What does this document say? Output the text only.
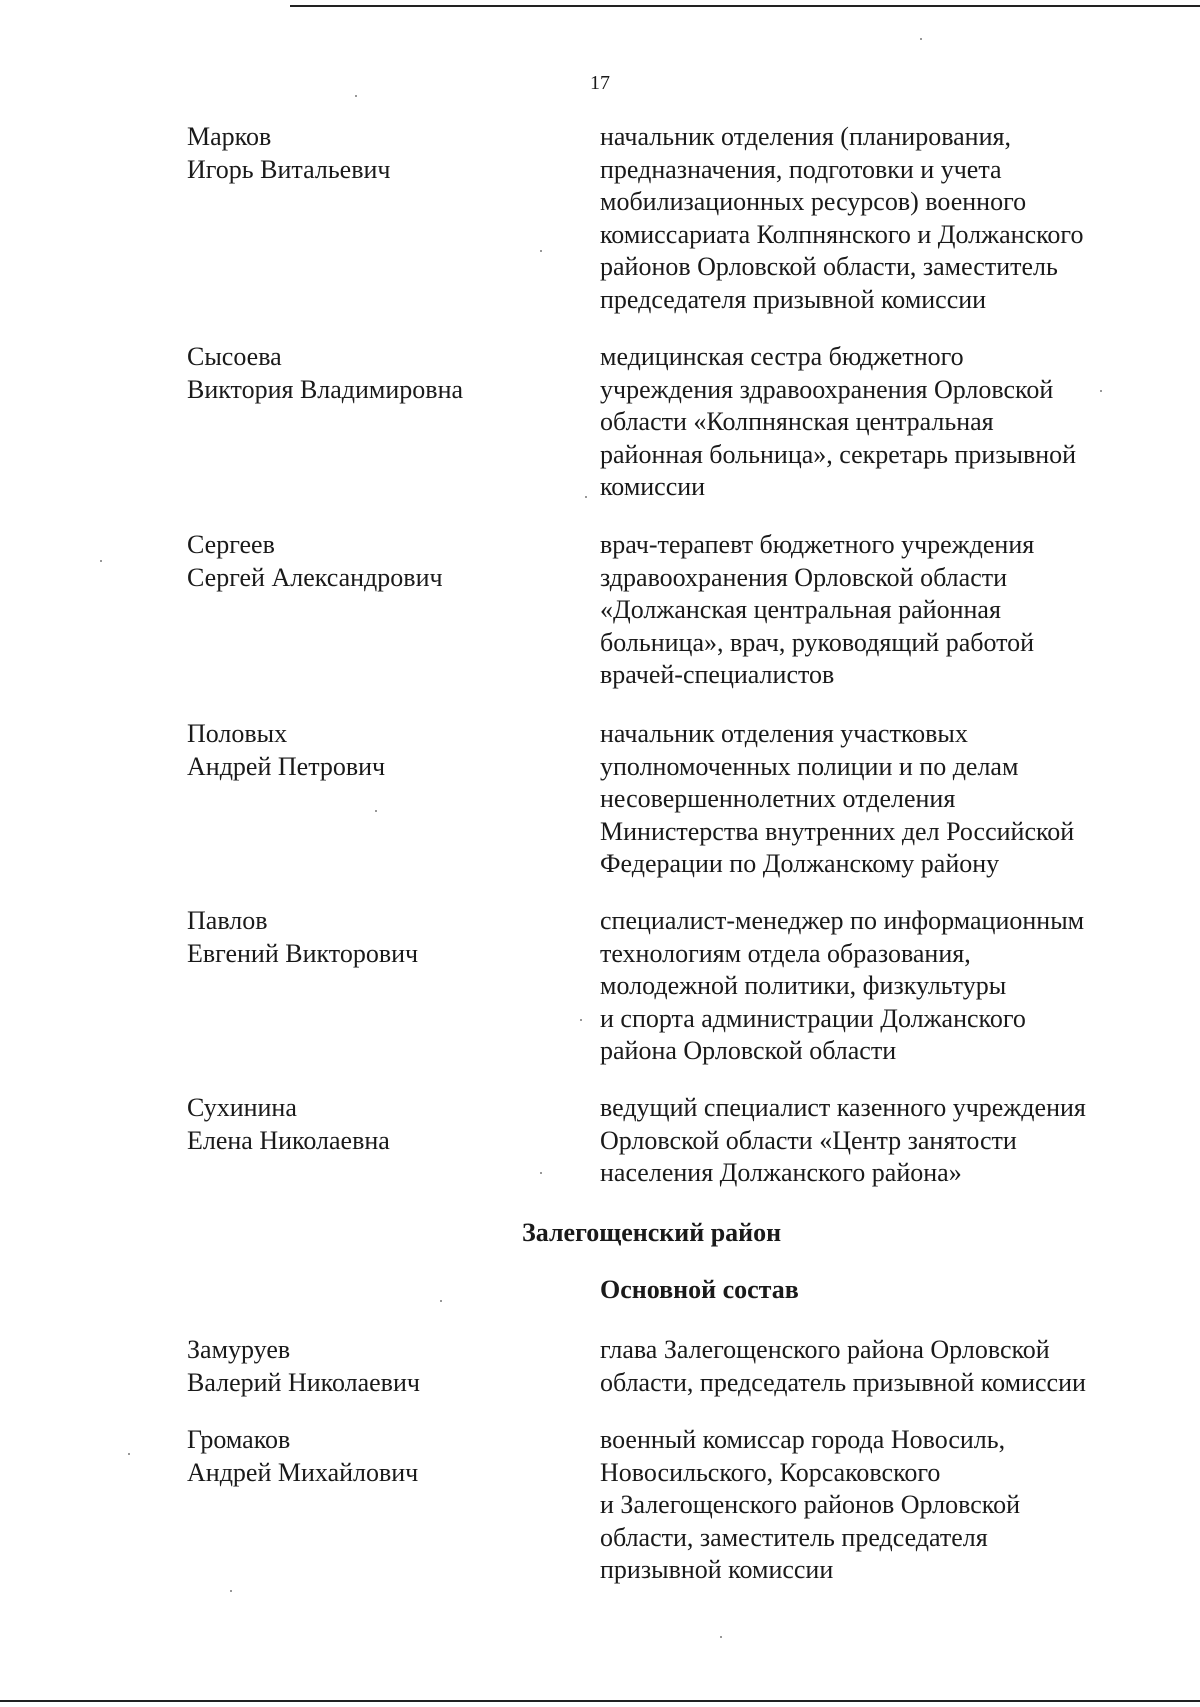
17
Марков
Игорь Витальевич
начальник отделения (планирования,
предназначения, подготовки и учета
мобилизационных ресурсов) военного
комиссариата Колпнянского и Должанского
районов Орловской области, заместитель
председателя призывной комиссии
Сысоева
Виктория Владимировна
медицинская сестра бюджетного
учреждения здравоохранения Орловской
области «Колпнянская центральная
районная больница», секретарь призывной
комиссии
Сергеев
Сергей Александрович
врач-терапевт бюджетного учреждения
здравоохранения Орловской области
«Должанская центральная районная
больница», врач, руководящий работой
врачей-специалистов
Половых
Андрей Петрович
начальник отделения участковых
уполномоченных полиции и по делам
несовершеннолетних отделения
Министерства внутренних дел Российской
Федерации по Должанскому району
Павлов
Евгений Викторович
специалист-менеджер по информационным
технологиям отдела образования,
молодежной политики, физкультуры
и спорта администрации Должанского
района Орловской области
Сухинина
Елена Николаевна
ведущий специалист казенного учреждения
Орловской области «Центр занятости
населения Должанского района»
Залегощенский район
Основной состав
Замуруев
Валерий Николаевич
глава Залегощенского района Орловской
области, председатель призывной комиссии
Громаков
Андрей Михайлович
военный комиссар города Новосиль,
Новосильского, Корсаковского
и Залегощенского районов Орловской
области, заместитель председателя
призывной комиссии
